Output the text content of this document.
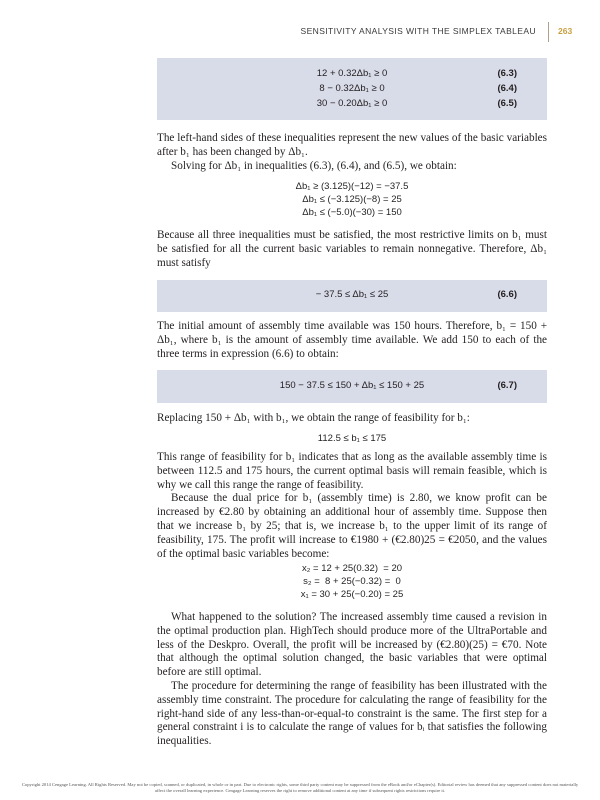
SENSITIVITY ANALYSIS WITH THE SIMPLEX TABLEAU	263
12 + 0.32Δb₁ ≥ 0	(6.3)
8 − 0.32Δb₁ ≥ 0	(6.4)
30 − 0.20Δb₁ ≥ 0	(6.5)

The left-hand sides of these inequalities represent the new values of the basic variables after b₁ has been changed by Δb₁.

Solving for Δb₁ in inequalities (6.3), (6.4), and (6.5), we obtain:

Δb₁ ≥ (3.125)(−12) = −37.5
Δb₁ ≤ (−3.125)(−8) = 25
Δb₁ ≤ (−5.0)(−30) = 150

Because all three inequalities must be satisfied, the most restrictive limits on b₁ must be satisfied for all the current basic variables to remain nonnegative. Therefore, Δb₁ must satisfy

− 37.5 ≤ Δb₁ ≤ 25	(6.6)

The initial amount of assembly time available was 150 hours. Therefore, b₁ = 150 + Δb₁, where b₁ is the amount of assembly time available. We add 150 to each of the three terms in expression (6.6) to obtain:

150 − 37.5 ≤ 150 + Δb₁ ≤ 150 + 25	(6.7)

Replacing 150 + Δb₁ with b₁, we obtain the range of feasibility for b₁:

112.5 ≤ b₁ ≤ 175

This range of feasibility for b₁ indicates that as long as the available assembly time is between 112.5 and 175 hours, the current optimal basis will remain feasible, which is why we call this range the range of feasibility.

Because the dual price for b₁ (assembly time) is 2.80, we know profit can be increased by €2.80 by obtaining an additional hour of assembly time. Suppose then that we increase b₁ by 25; that is, we increase b₁ to the upper limit of its range of feasibility, 175. The profit will increase to €1980 + (€2.80)25 = €2050, and the values of the optimal basic variables become:

x₂ = 12 + 25(0.32)  = 20
s₂ =  8 + 25(−0.32) =  0
x₁ = 30 + 25(−0.20) = 25

What happened to the solution? The increased assembly time caused a revision in the optimal production plan. HighTech should produce more of the UltraPortable and less of the Deskpro. Overall, the profit will be increased by (€2.80)(25) = €70. Note that although the optimal solution changed, the basic variables that were optimal before are still optimal.

The procedure for determining the range of feasibility has been illustrated with the assembly time constraint. The procedure for calculating the range of feasibility for the right-hand side of any less-than-or-equal-to constraint is the same. The first step for a general constraint i is to calculate the range of values for bᵢ that satisfies the following inequalities.

Copyright 2014 Cengage Learning. All Rights Reserved. May not be copied, scanned, or duplicated, in whole or in part. Due to electronic rights, some third party content may be suppressed from the eBook and/or eChapter(s). Editorial review has deemed that any suppressed content does not materially affect the overall learning experience. Cengage Learning reserves the right to remove additional content at any time if subsequent rights restrictions require it.
